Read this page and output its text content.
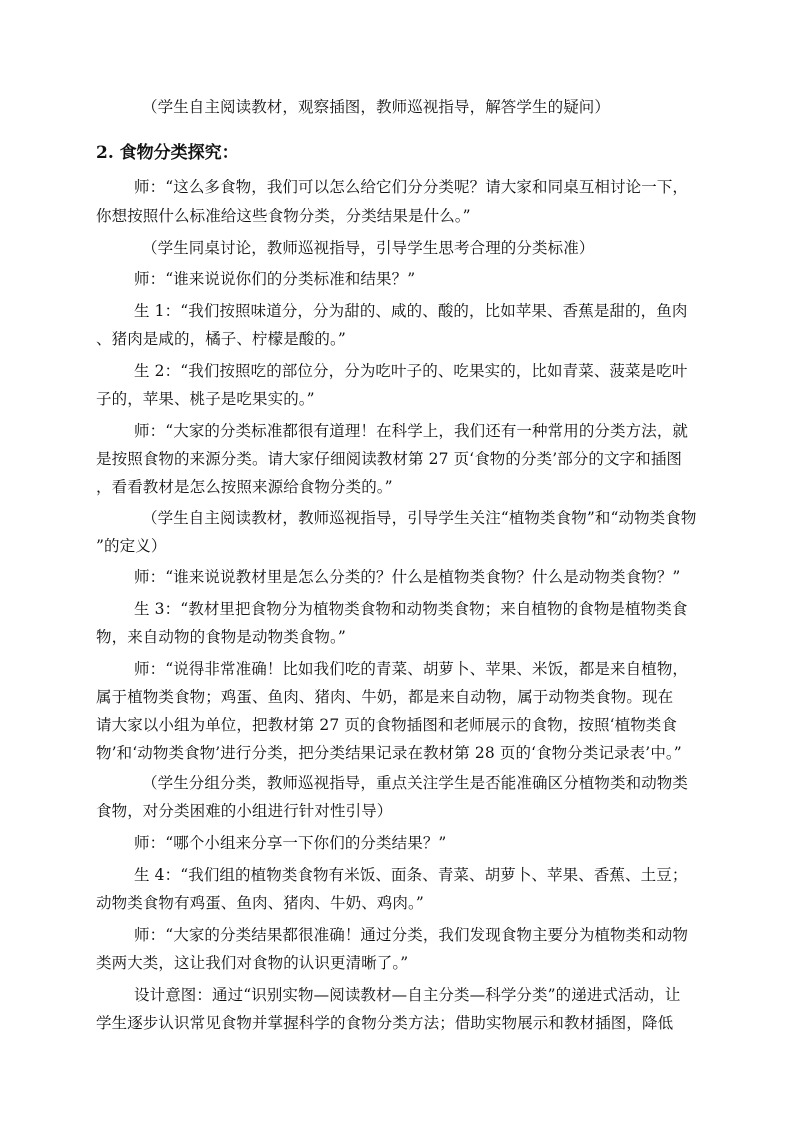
（学生自主阅读教材，观察插图，教师巡视指导，解答学生的疑问）
2. 食物分类探究：
师：“这么多食物，我们可以怎么给它们分分类呢？请大家和同桌互相讨论一下，
你想按照什么标准给这些食物分类，分类结果是什么。”
（学生同桌讨论，教师巡视指导，引导学生思考合理的分类标准）
师：“谁来说说你们的分类标准和结果？”
生 1：“我们按照味道分，分为甜的、咸的、酸的，比如苹果、香蕉是甜的，鱼肉
、猪肉是咸的，橘子、柠檬是酸的。”
生 2：“我们按照吃的部位分，分为吃叶子的、吃果实的，比如青菜、菠菜是吃叶
子的，苹果、桃子是吃果实的。”
师：“大家的分类标准都很有道理！在科学上，我们还有一种常用的分类方法，就
是按照食物的来源分类。请大家仔细阅读教材第 27 页‘食物的分类’部分的文字和插图
，看看教材是怎么按照来源给食物分类的。”
（学生自主阅读教材，教师巡视指导，引导学生关注“植物类食物”和“动物类食物
”的定义）
师：“谁来说说教材里是怎么分类的？什么是植物类食物？什么是动物类食物？”
生 3：“教材里把食物分为植物类食物和动物类食物；来自植物的食物是植物类食
物，来自动物的食物是动物类食物。”
师：“说得非常准确！比如我们吃的青菜、胡萝卜、苹果、米饭，都是来自植物，
属于植物类食物；鸡蛋、鱼肉、猪肉、牛奶，都是来自动物，属于动物类食物。现在
请大家以小组为单位，把教材第 27 页的食物插图和老师展示的食物，按照‘植物类食
物’和‘动物类食物’进行分类，把分类结果记录在教材第 28 页的‘食物分类记录表’中。”
（学生分组分类，教师巡视指导，重点关注学生是否能准确区分植物类和动物类
食物，对分类困难的小组进行针对性引导）
师：“哪个小组来分享一下你们的分类结果？”
生 4：“我们组的植物类食物有米饭、面条、青菜、胡萝卜、苹果、香蕉、土豆；
动物类食物有鸡蛋、鱼肉、猪肉、牛奶、鸡肉。”
师：“大家的分类结果都很准确！通过分类，我们发现食物主要分为植物类和动物
类两大类，这让我们对食物的认识更清晰了。”
设计意图：通过“识别实物—阅读教材—自主分类—科学分类”的递进式活动，让
学生逐步认识常见食物并掌握科学的食物分类方法；借助实物展示和教材插图，降低
